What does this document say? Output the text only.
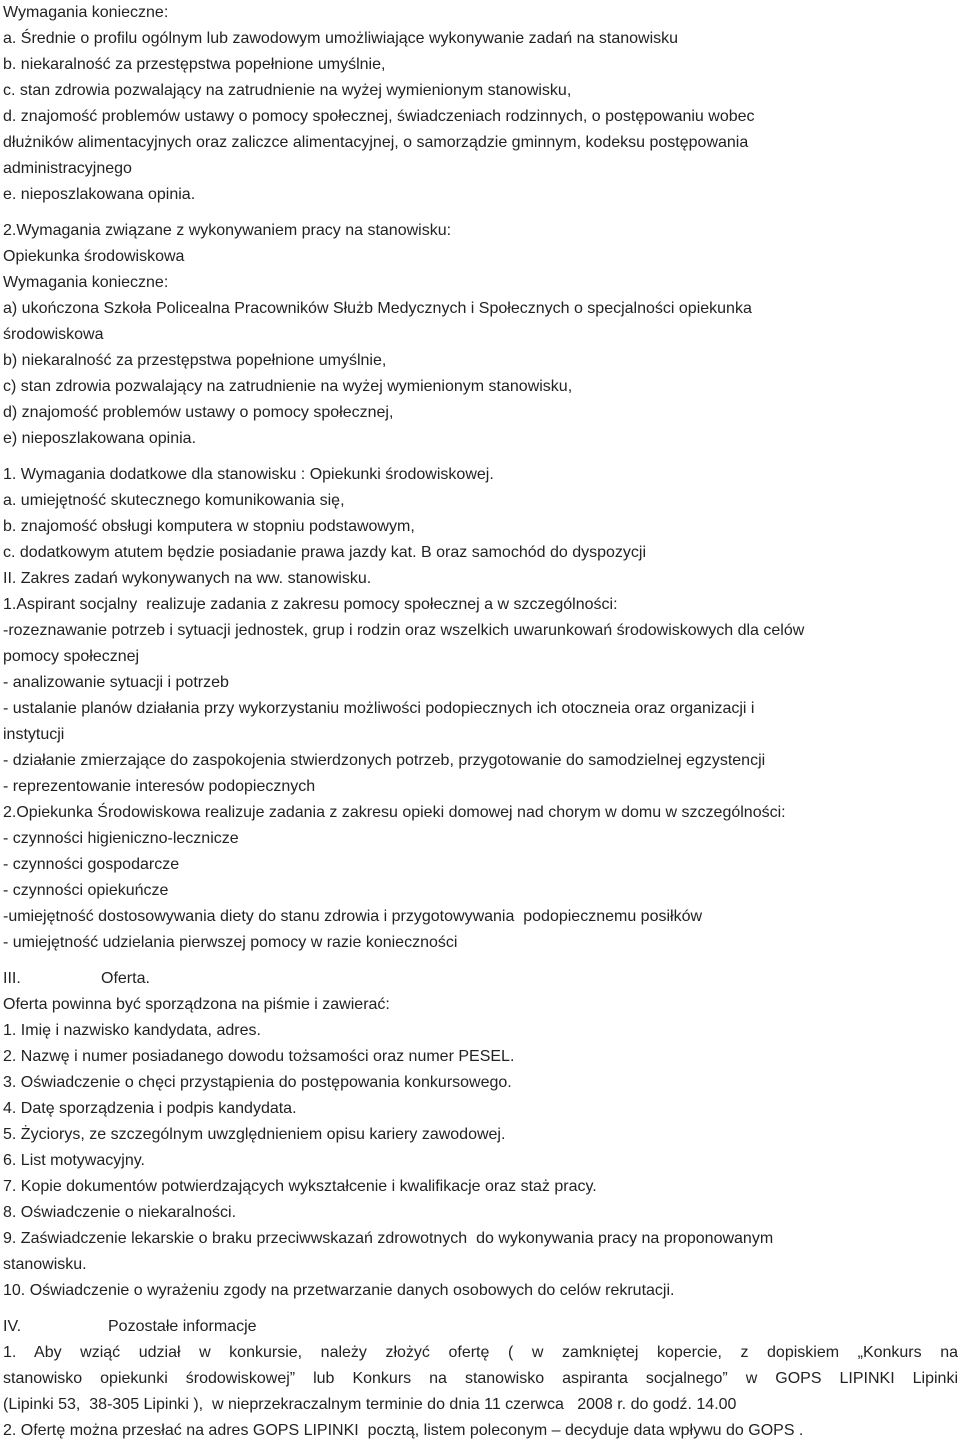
Wymagania konieczne:
a. Średnie o profilu ogólnym lub zawodowym umożliwiające wykonywanie zadań na stanowisku
b. niekaralność za przestępstwa popełnione umyślnie,
c. stan zdrowia pozwalający na zatrudnienie na wyżej wymienionym stanowisku,
d. znajomość problemów ustawy o pomocy społecznej, świadczeniach rodzinnych, o postępowaniu wobec
dłużników alimentacyjnych oraz zaliczce alimentacyjnej, o samorządzie gminnym, kodeksu postępowania
administracyjnego
e. nieposzlakowana opinia.
2.Wymagania związane z wykonywaniem pracy na stanowisku:
Opiekunka środowiskowa
Wymagania konieczne:
a) ukończona Szkoła Policealna Pracowników Służb Medycznych i Społecznych o specjalności opiekunka
środowiskowa
b) niekaralność za przestępstwa popełnione umyślnie,
c) stan zdrowia pozwalający na zatrudnienie na wyżej wymienionym stanowisku,
d) znajomość problemów ustawy o pomocy społecznej,
e) nieposzlakowana opinia.
1. Wymagania dodatkowe dla stanowisku : Opiekunki środowiskowej.
a. umiejętność skutecznego komunikowania się,
b. znajomość obsługi komputera w stopniu podstawowym,
c. dodatkowym atutem będzie posiadanie prawa jazdy kat. B oraz samochód do dyspozycji
II. Zakres zadań wykonywanych na ww. stanowisku.
1.Aspirant socjalny  realizuje zadania z zakresu pomocy społecznej a w szczególności:
-rozeznawanie potrzeb i sytuacji jednostek, grup i rodzin oraz wszelkich uwarunkowań środowiskowych dla celów
pomocy społecznej
- analizowanie sytuacji i potrzeb
- ustalanie planów działania przy wykorzystaniu możliwości podopiecznych ich otoczneia oraz organizacji i
instytucji
- działanie zmierzające do zaspokojenia stwierdzonych potrzeb, przygotowanie do samodzielnej egzystencji
- reprezentowanie interesów podopiecznych
2.Opiekunka Środowiskowa realizuje zadania z zakresu opieki domowej nad chorym w domu w szczególności:
- czynności higieniczno-lecznicze
- czynności gospodarcze
- czynności opiekuńcze
-umiejętność dostosowywania diety do stanu zdrowia i przygotowywania  podopiecznemu posiłków
- umiejętność udzielania pierwszej pomocy w razie konieczności
III.	Oferta.
Oferta powinna być sporządzona na piśmie i zawierać:
1. Imię i nazwisko kandydata, adres.
2. Nazwę i numer posiadanego dowodu tożsamości oraz numer PESEL.
3. Oświadczenie o chęci przystąpienia do postępowania konkursowego.
4. Datę sporządzenia i podpis kandydata.
5. Życiorys, ze szczególnym uwzględnieniem opisu kariery zawodowej.
6. List motywacyjny.
7. Kopie dokumentów potwierdzających wykształcenie i kwalifikacje oraz staż pracy.
8. Oświadczenie o niekaralności.
9. Zaświadczenie lekarskie o braku przeciwwskazań zdrowotnych  do wykonywania pracy na proponowanym
stanowisku.
10. Oświadczenie o wyrażeniu zgody na przetwarzanie danych osobowych do celów rekrutacji.
IV.	Pozostałe informacje
1. Aby wziąć udział w konkursie, należy złożyć ofertę ( w zamkniętej kopercie, z dopiskiem „Konkurs na
stanowisko opiekunki środowiskowej” lub Konkurs na stanowisko aspiranta socjalnego” w GOPS LIPINKI Lipinki
(Lipinki 53,  38-305 Lipinki ),  w nieprzekraczalnym terminie do dnia 11 czerwca   2008 r. do godź. 14.00
2. Ofertę można przesłać na adres GOPS LIPINKI  pocztą, listem poleconym – decyduje data wpływu do GOPS .
